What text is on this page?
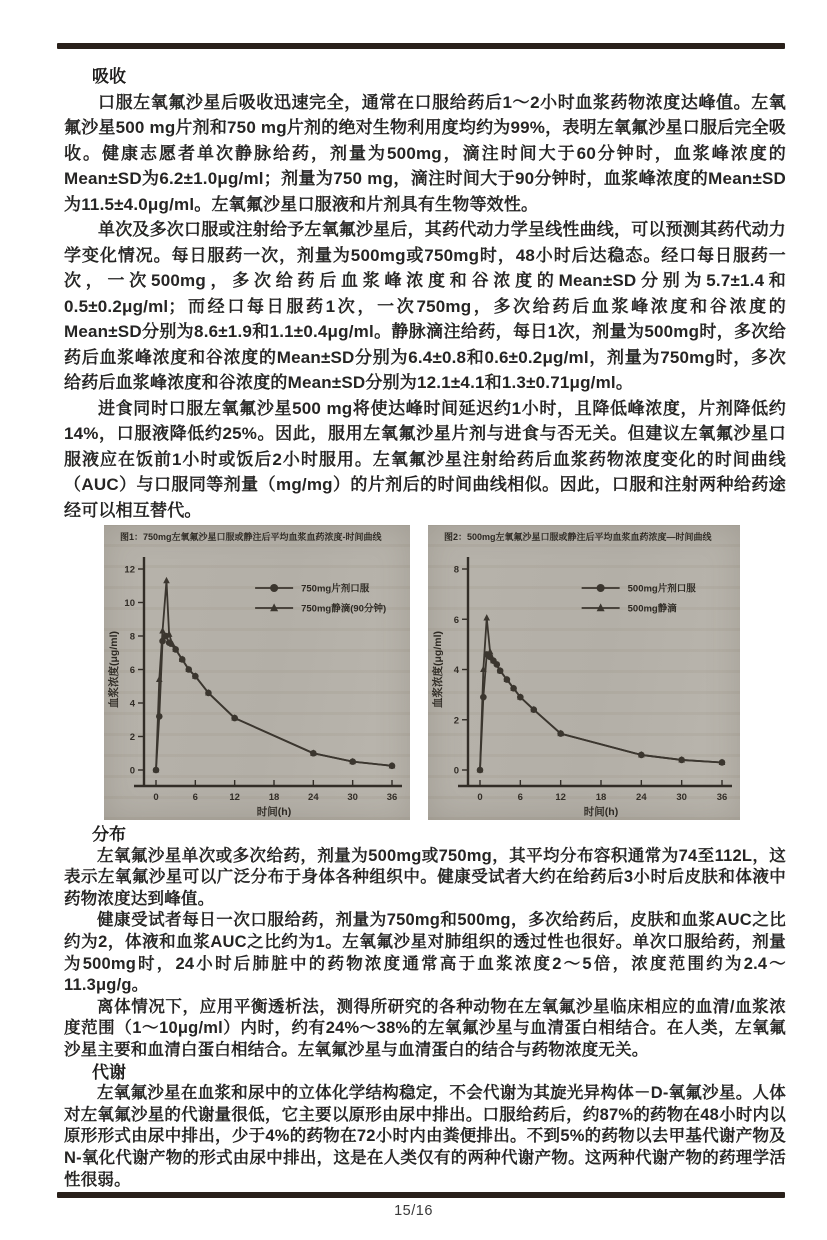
吸收

口服左氧氟沙星后吸收迅速完全，通常在口服给药后1～2小时血浆药物浓度达峰值。左氧氟沙星500 mg片剂和750 mg片剂的绝对生物利用度均约为99%，表明左氧氟沙星口服后完全吸收。健康志愿者单次静脉给药，剂量为500mg，滴注时间大于60分钟时，血浆峰浓度的Mean±SD为6.2±1.0μg/ml；剂量为750 mg，滴注时间大于90分钟时，血浆峰浓度的Mean±SD为11.5±4.0μg/ml。左氧氟沙星口服液和片剂具有生物等效性。

单次及多次口服或注射给予左氧氟沙星后，其药代动力学呈线性曲线，可以预测其药代动力学变化情况。每日服药一次，剂量为500mg或750mg时，48小时后达稳态。经口每日服药一次，一次500mg，多次给药后血浆峰浓度和谷浓度的Mean±SD分别为5.7±1.4和0.5±0.2μg/ml；而经口每日服药1次，一次750mg，多次给药后血浆峰浓度和谷浓度的Mean±SD分别为8.6±1.9和1.1±0.4μg/ml。静脉滴注给药，每日1次，剂量为500mg时，多次给药后血浆峰浓度和谷浓度的Mean±SD分别为6.4±0.8和0.6±0.2μg/ml，剂量为750mg时，多次给药后血浆峰浓度和谷浓度的Mean±SD分别为12.1±4.1和1.3±0.71μg/ml。

进食同时口服左氧氟沙星500 mg将使达峰时间延迟约1小时，且降低峰浓度，片剂降低约14%，口服液降低约25%。因此，服用左氧氟沙星片剂与进食与否无关。但建议左氧氟沙星口服液应在饭前1小时或饭后2小时服用。左氧氟沙星注射给药后血浆药物浓度变化的时间曲线（AUC）与口服同等剂量（mg/mg）的片剂后的时间曲线相似。因此，口服和注射两种给药途经可以相互替代。

图1：750mg左氧氟沙星口服或静注后平均血浆血药浓度-时间曲线
0
2
4
6
8
10
12
0	6	12	18	24	30	36
时间(h)
血浆浓度(μg/ml)
750mg片剂口服
750mg静滴(90分钟)
图2：500mg左氧氟沙星口服或静注后平均血浆血药浓度—时间曲线
0
2
4
6
8
0	6	12	18	24	30	36
时间(h)
血浆浓度(μg/ml)
500mg片剂口服
500mg静滴
分布

左氧氟沙星单次或多次给药，剂量为500mg或750mg，其平均分布容积通常为74至112L，这表示左氧氟沙星可以广泛分布于身体各种组织中。健康受试者大约在给药后3小时后皮肤和体液中药物浓度达到峰值。

健康受试者每日一次口服给药，剂量为750mg和500mg，多次给药后，皮肤和血浆AUC之比约为2，体液和血浆AUC之比约为1。左氧氟沙星对肺组织的透过性也很好。单次口服给药，剂量为500mg时，24小时后肺脏中的药物浓度通常高于血浆浓度2～5倍，浓度范围约为2.4～11.3μg/g。

离体情况下，应用平衡透析法，测得所研究的各种动物在左氧氟沙星临床相应的血清/血浆浓度范围（1～10μg/ml）内时，约有24%～38%的左氧氟沙星与血清蛋白相结合。在人类，左氧氟沙星主要和血清白蛋白相结合。左氧氟沙星与血清蛋白的结合与药物浓度无关。

代谢

左氧氟沙星在血浆和尿中的立体化学结构稳定，不会代谢为其旋光异构体－D-氧氟沙星。人体对左氧氟沙星的代谢量很低，它主要以原形由尿中排出。口服给药后，约87%的药物在48小时内以原形形式由尿中排出，少于4%的药物在72小时内由粪便排出。不到5%的药物以去甲基代谢产物及N-氧化代谢产物的形式由尿中排出，这是在人类仅有的两种代谢产物。这两种代谢产物的药理学活性很弱。

15/16
